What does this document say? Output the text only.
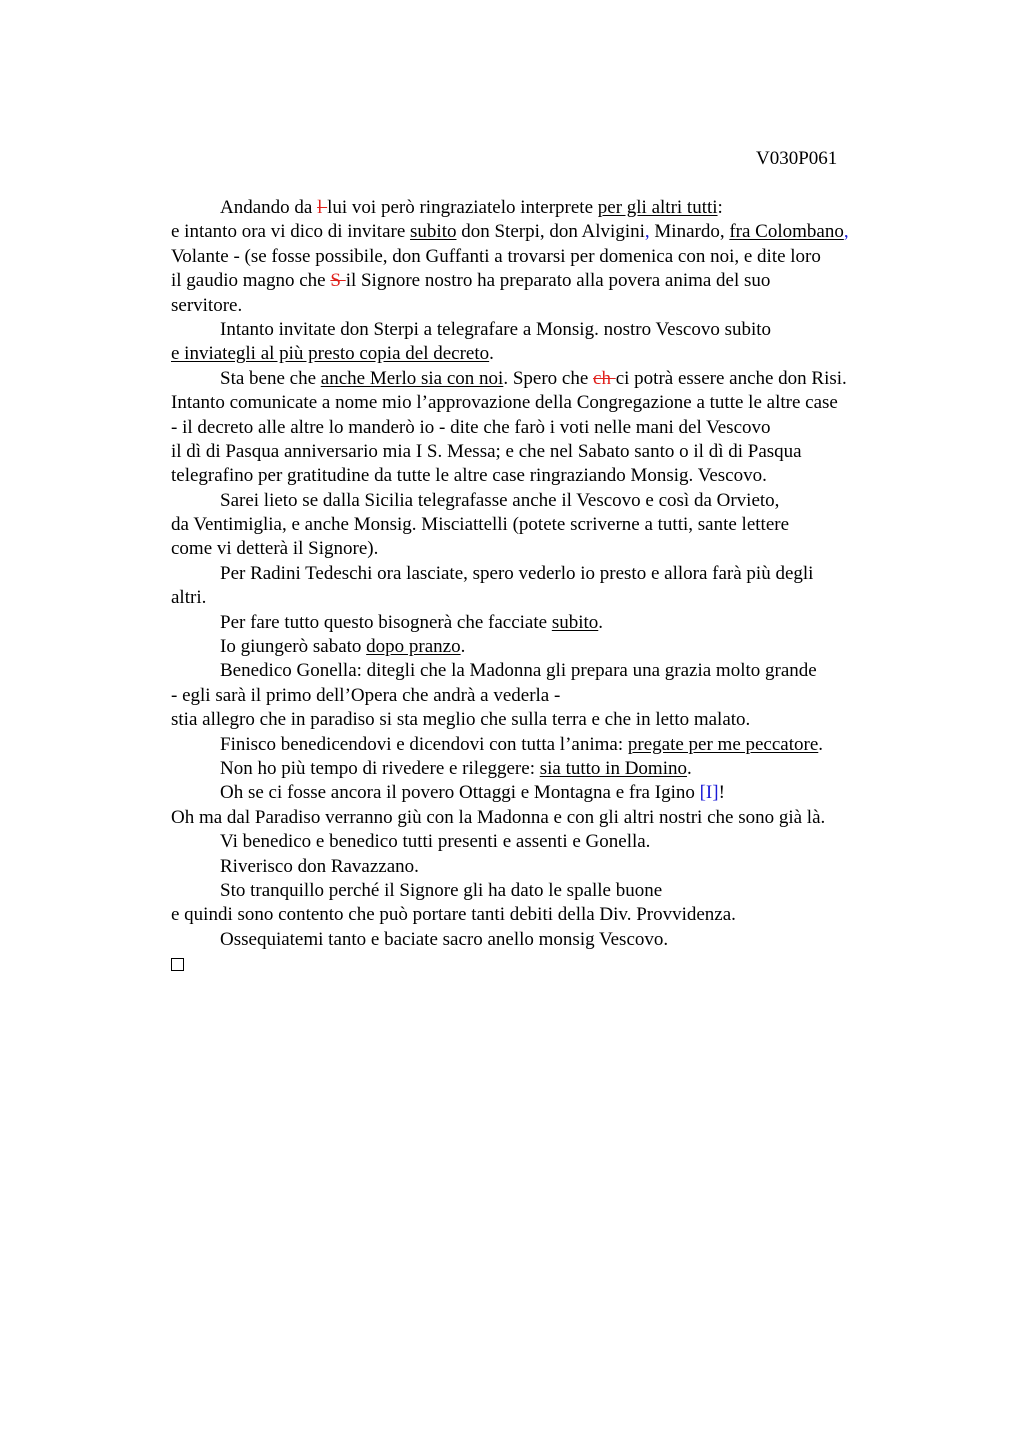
V030P061
Andando da l lui voi però ringraziatelo interprete per gli altri tutti:
e intanto ora vi dico di invitare subito don Sterpi, don Alvigini, Minardo, fra Colombano,
Volante - (se fosse possibile, don Guffanti a trovarsi per domenica con noi, e dite loro
il gaudio magno che S il Signore nostro ha preparato alla povera anima del suo
servitore.
Intanto invitate don Sterpi a telegrafare a Monsig. nostro Vescovo subito
e inviategli al più presto copia del decreto.
Sta bene che anche Merlo sia con noi. Spero che ch ci potrà essere anche don Risi.
Intanto comunicate a nome mio l’approvazione della Congregazione a tutte le altre case
- il decreto alle altre lo manderò io - dite che farò i voti nelle mani del Vescovo
il dì di Pasqua anniversario mia I S. Messa; e che nel Sabato santo o il dì di Pasqua
telegrafino per gratitudine da tutte le altre case ringraziando Monsig. Vescovo.
Sarei lieto se dalla Sicilia telegrafasse anche il Vescovo e così da Orvieto,
da Ventimiglia, e anche Monsig. Misciattelli (potete scriverne a tutti, sante lettere
come vi detterà il Signore).
Per Radini Tedeschi ora lasciate, spero vederlo io presto e allora farà più degli
altri.
Per fare tutto questo bisognerà che facciate subito.
Io giungerò sabato dopo pranzo.
Benedico Gonella: ditegli che la Madonna gli prepara una grazia molto grande
- egli sarà il primo dell’Opera che andrà a vederla -
stia allegro che in paradiso si sta meglio che sulla terra e che in letto malato.
Finisco benedicendovi e dicendovi con tutta l’anima: pregate per me peccatore.
Non ho più tempo di rivedere e rileggere: sia tutto in Domino.
Oh se ci fosse ancora il povero Ottaggi e Montagna e fra Igino [I]!
Oh ma dal Paradiso verranno giù con la Madonna e con gli altri nostri che sono già là.
Vi benedico e benedico tutti presenti e assenti e Gonella.
Riverisco don Ravazzano.
Sto tranquillo perché il Signore gli ha dato le spalle buone
e quindi sono contento che può portare tanti debiti della Div. Provvidenza.
Ossequiatemi tanto e baciate sacro anello monsig Vescovo.
